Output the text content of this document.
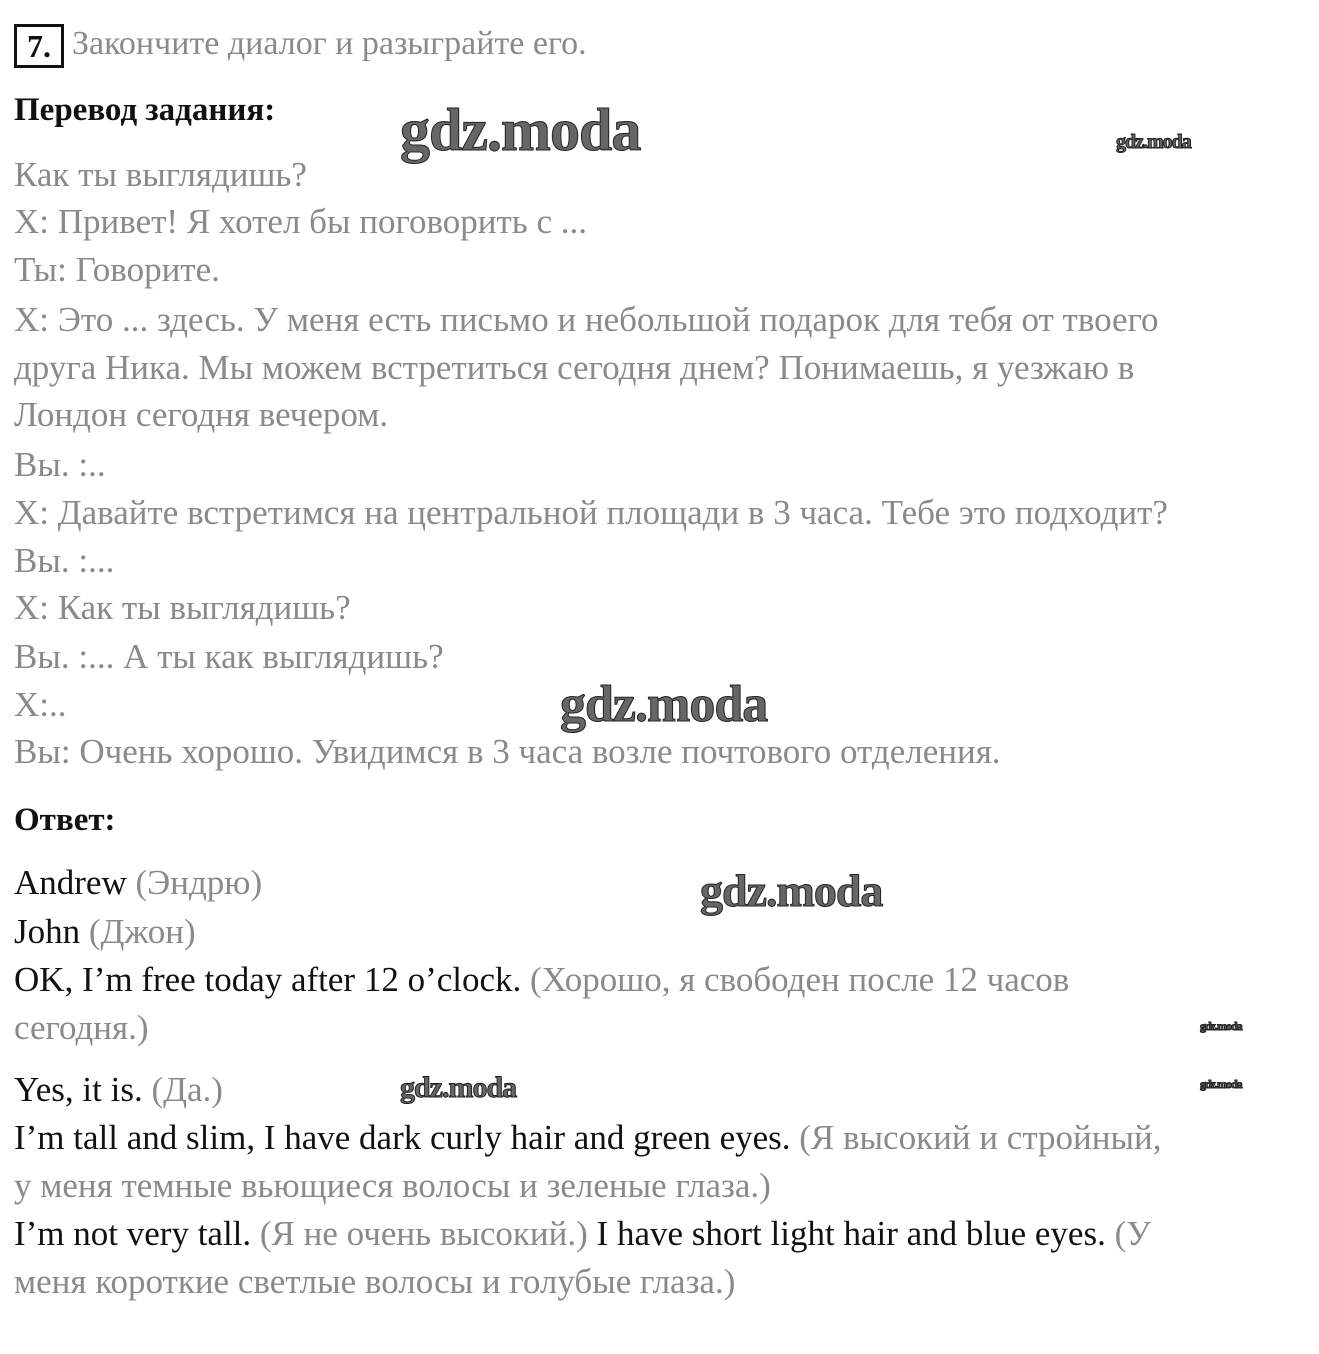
7. Закончите диалог и разыграйте его.
Перевод задания:
Как ты выглядишь?
X: Привет! Я хотел бы поговорить с ...
Ты: Говорите.
X: Это ... здесь. У меня есть письмо и небольшой подарок для тебя от твоего
друга Ника. Мы можем встретиться сегодня днем? Понимаешь, я уезжаю в
Лондон сегодня вечером.
Вы. :..
X: Давайте встретимся на центральной площади в 3 часа. Тебе это подходит?
Вы. :...
X: Как ты выглядишь?
Вы. :... А ты как выглядишь?
X:..
Вы: Очень хорошо. Увидимся в 3 часа возле почтового отделения.
Ответ:
Andrew (Эндрю)
John (Джон)
OK, I’m free today after 12 o’clock. (Хорошо, я свободен после 12 часов
сегодня.)
Yes, it is. (Да.)
I’m tall and slim, I have dark curly hair and green eyes. (Я высокий и стройный,
у меня темные вьющиеся волосы и зеленые глаза.)
I’m not very tall. (Я не очень высокий.) I have short light hair and blue eyes. (У
меня короткие светлые волосы и голубые глаза.)
gdz.moda	gdz.moda
gdz.moda
gdz.moda	gdz.moda
gdz.moda
gdz.moda
